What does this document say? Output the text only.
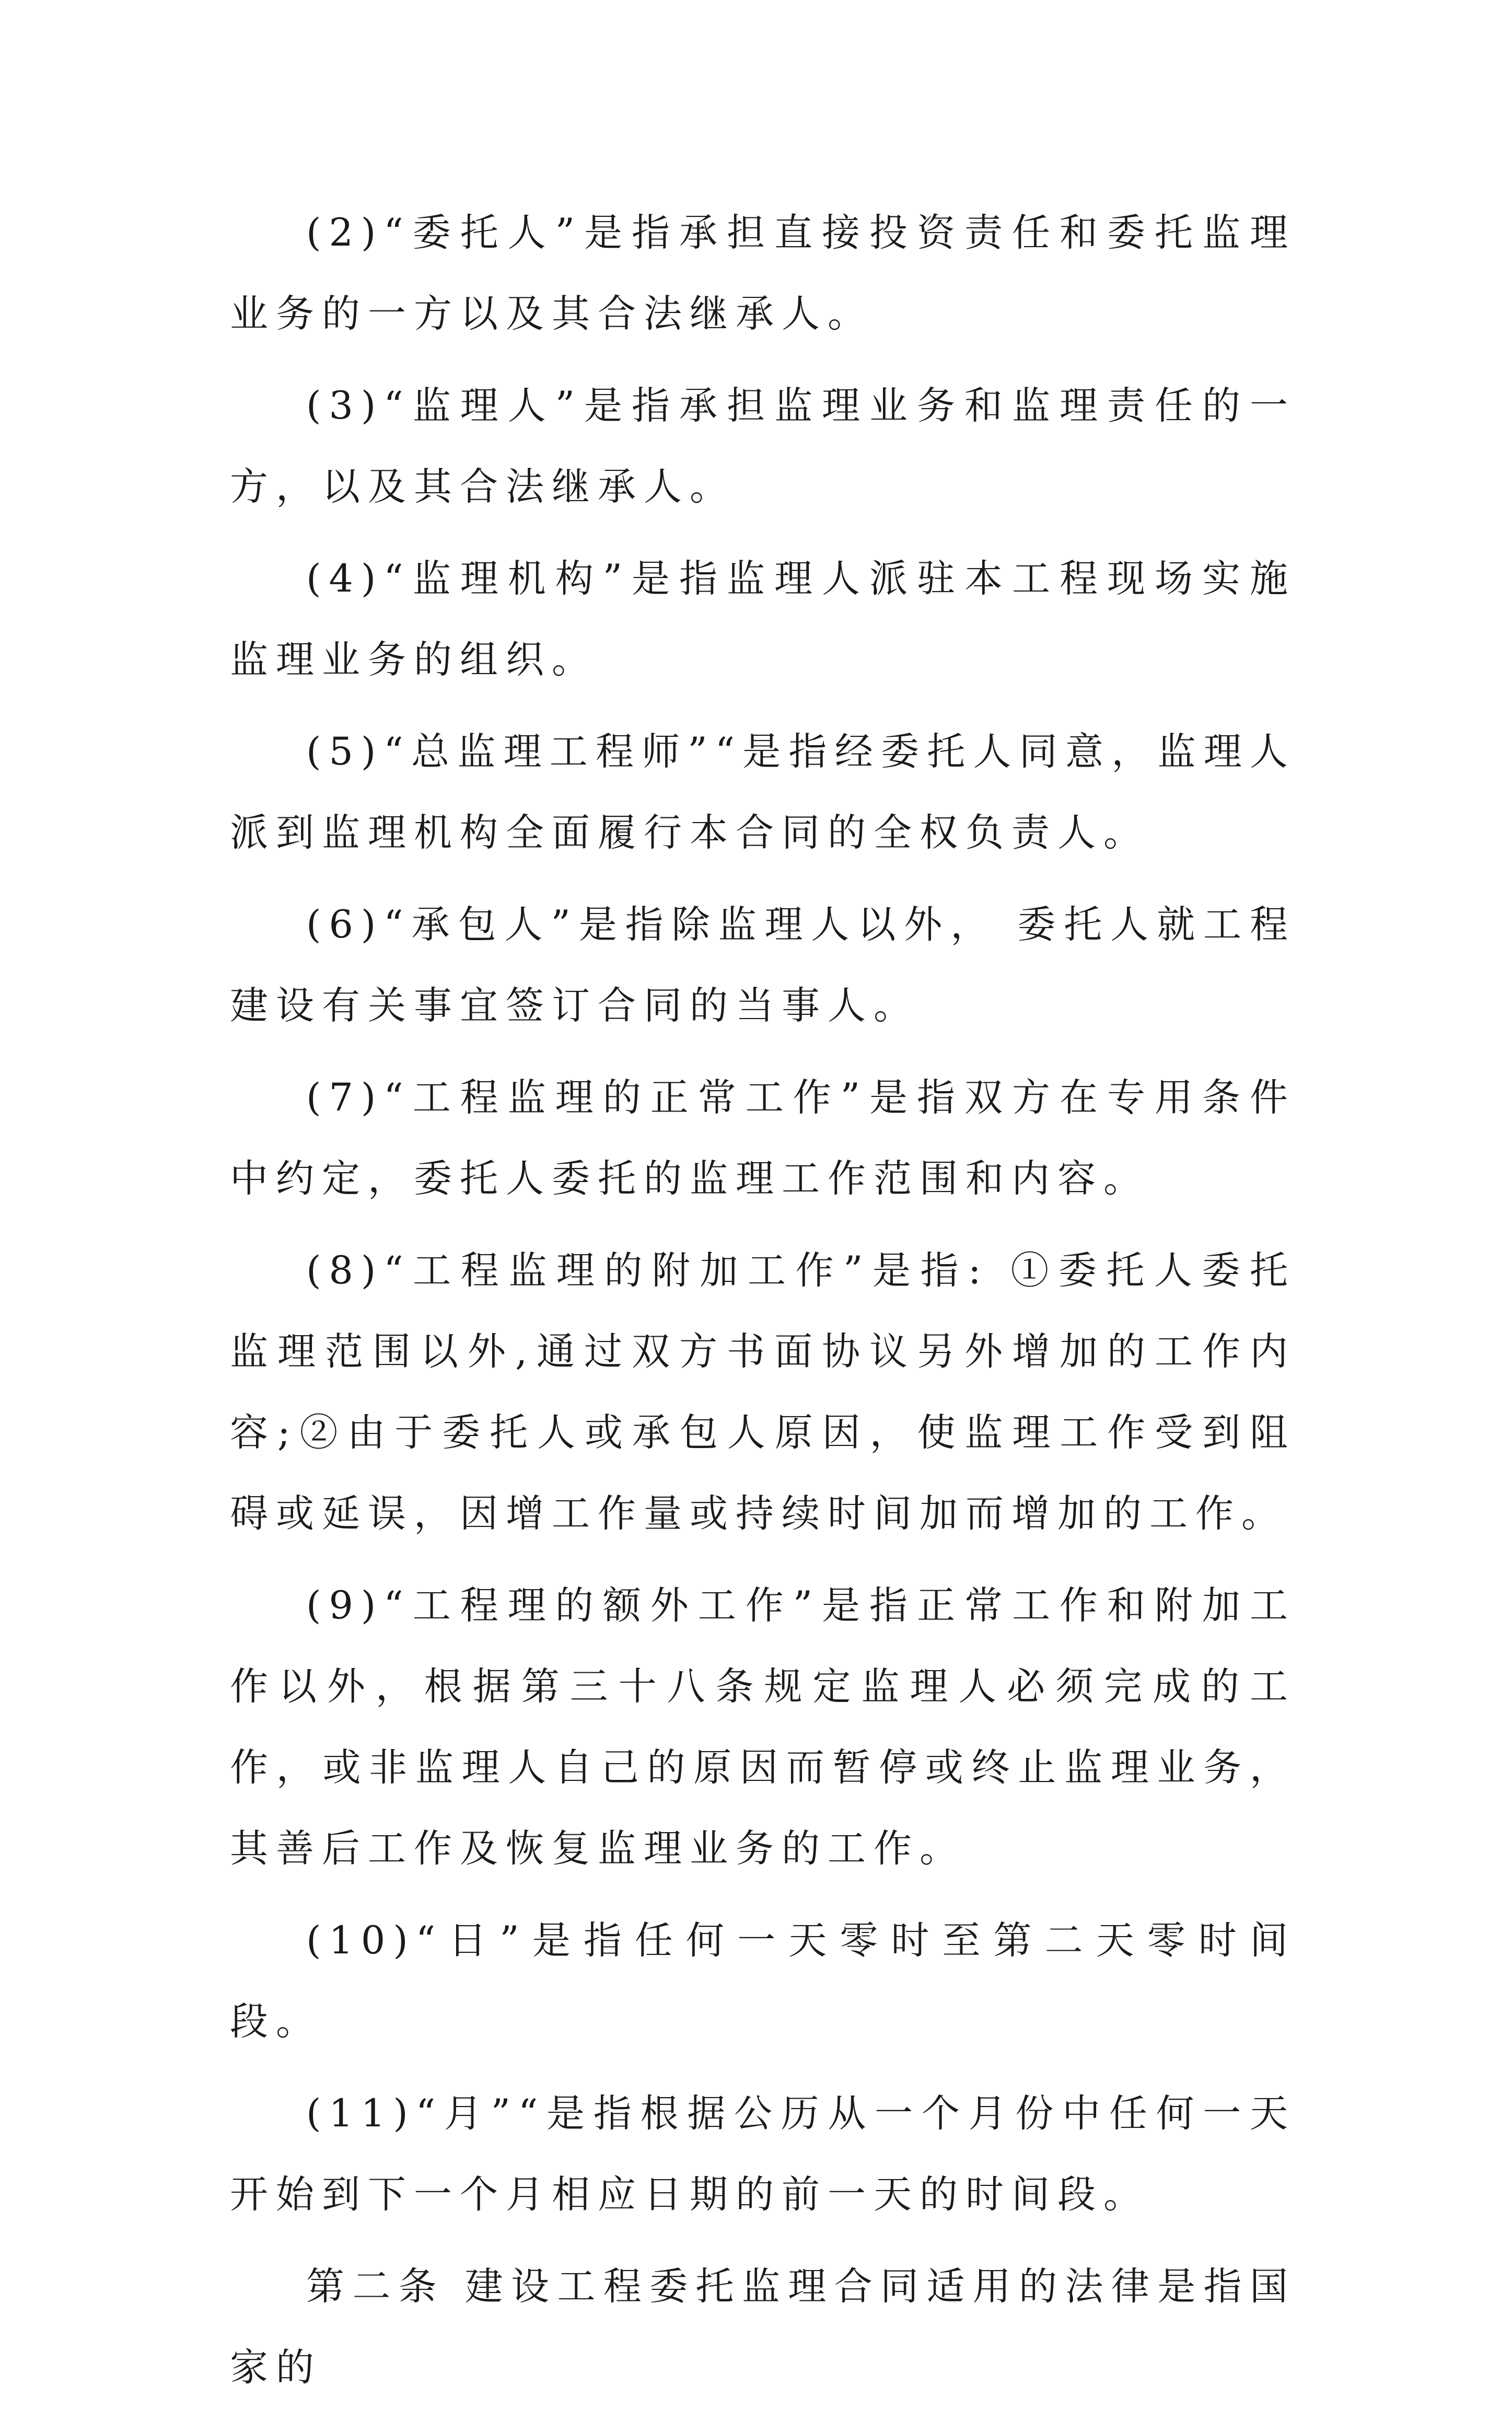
(2)“委托人”是指承担直接投资责任和委托监理业务的一方以及其合法继承人。

(3)“监理人”是指承担监理业务和监理责任的一方，以及其合法继承人。

(4)“监理机构”是指监理人派驻本工程现场实施监理业务的组织。

(5)“总监理工程师”“是指经委托人同意，监理人派到监理机构全面履行本合同的全权负责人。

(6)“承包人”是指除监理人以外， 委托人就工程建设有关事宜签订合同的当事人。

(7)“工程监理的正常工作”是指双方在专用条件中约定，委托人委托的监理工作范围和内容。

(8)“工程监理的附加工作”是指: ①委托人委托监理范围以外,通过双方书面协议另外增加的工作内容;②由于委托人或承包人原因，使监理工作受到阻碍或延误，因增工作量或持续时间加而增加的工作。

(9)“工程理的额外工作”是指正常工作和附加工作以外，根据第三十八条规定监理人必须完成的工作，或非监理人自己的原因而暂停或终止监理业务，其善后工作及恢复监理业务的工作。

(10)“日”是指任何一天零时至第二天零时间段。

(11)“月”“是指根据公历从一个月份中任何一天开始到下一个月相应日期的前一天的时间段。

第二条 建设工程委托监理合同适用的法律是指国家的
